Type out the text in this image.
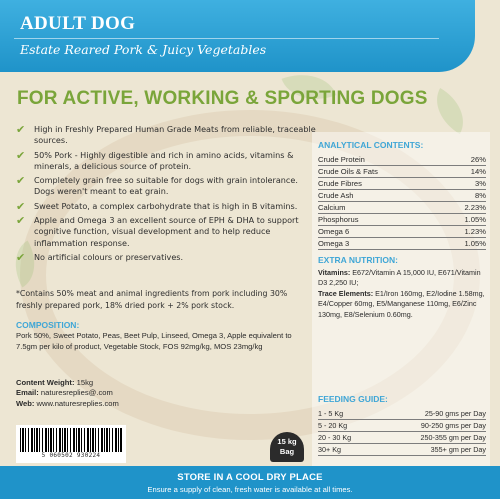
ADULT DOG
Estate Reared Pork & Juicy Vegetables
FOR ACTIVE, WORKING & SPORTING DOGS
✔ High in Freshly Prepared Human Grade Meats from reliable, traceable sources.
✔ 50% Pork - Highly digestible and rich in amino acids, vitamins & minerals, a delicious source of protein.
✔ Completely grain free so suitable for dogs with grain intolerance. Dogs weren't meant to eat grain.
✔ Sweet Potato, a complex carbohydrate that is high in B vitamins.
✔ Apple and Omega 3 an excellent source of EPH & DHA to support cognitive function, visual development and to help reduce inflammation response.
✔ No artificial colours or preservatives.
*Contains 50% meat and animal ingredients from pork including 30% freshly prepared pork, 18% dried pork + 2% pork stock.
ANALYTICAL CONTENTS:
Crude Protein	26%
Crude Oils & Fats	14%
Crude Fibres	3%
Crude Ash	8%
Calcium	2.23%
Phosphorus	1.05%
Omega 6	1.23%
Omega 3	1.05%
EXTRA NUTRITION:
Vitamins: E672/Vitamin A 15,000 IU, E671/Vitamin D3 2,250 IU;
Trace Elements: E1/Iron 160mg, E2/Iodine 1.58mg, E4/Copper 60mg, E5/Manganese 110mg, E6/Zinc 130mg, E8/Selenium 0.60mg.
FEEDING GUIDE:
1 - 5 Kg	25-90 gms per Day
5 - 20 Kg	90-250 gms per Day
20 - 30 Kg	250-355 gm per Day
30+ Kg	355+ gm per Day
COMPOSITION:
Pork 50%, Sweet Potato, Peas, Beet Pulp, Linseed, Omega 3, Apple equivalent to 7.5gm per kilo of product, Vegetable Stock, FOS 92mg/kg, MOS 23mg/kg
Content Weight: 15kg
Email: naturesreplies@.com
Web: www.naturesreplies.com
5 060502 930224
15 kg
Bag
STORE IN A COOL DRY PLACE
Ensure a supply of clean, fresh water is available at all times.
